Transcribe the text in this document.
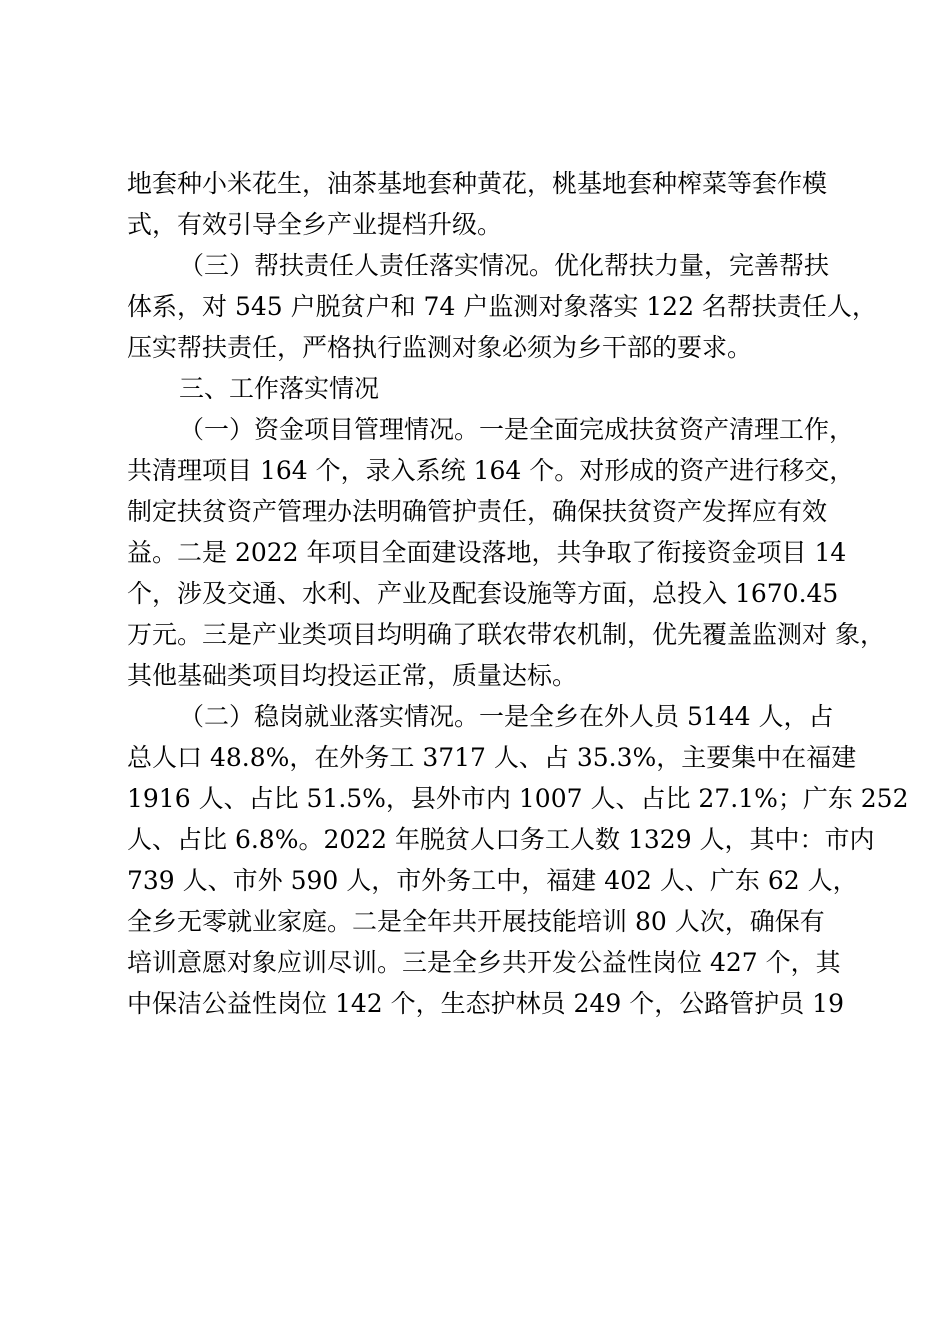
地套种小米花生，油茶基地套种黄花，桃基地套种榨菜等套作模
式，有效引导全乡产业提档升级。
（三）帮扶责任人责任落实情况。优化帮扶力量，完善帮扶
体系，对 545 户脱贫户和 74 户监测对象落实 122 名帮扶责任人，
压实帮扶责任，严格执行监测对象必须为乡干部的要求。
三、工作落实情况
（一）资金项目管理情况。一是全面完成扶贫资产清理工作，
共清理项目 164 个，录入系统 164 个。对形成的资产进行移交，
制定扶贫资产管理办法明确管护责任，确保扶贫资产发挥应有效
益。二是 2022 年项目全面建设落地，共争取了衔接资金项目 14
个，涉及交通、水利、产业及配套设施等方面，总投入 1670.45
万元。三是产业类项目均明确了联农带农机制，优先覆盖监测对 象，
其他基础类项目均投运正常，质量达标。
（二）稳岗就业落实情况。一是全乡在外人员 5144 人，占
总人口 48.8%，在外务工 3717 人、占 35.3%，主要集中在福建
1916 人、占比 51.5%，县外市内 1007 人、占比 27.1%；广东 252
人、占比 6.8%。2022 年脱贫人口务工人数 1329 人，其中：市内
739 人、市外 590 人，市外务工中，福建 402 人、广东 62 人，
全乡无零就业家庭。二是全年共开展技能培训 80 人次，确保有
培训意愿对象应训尽训。三是全乡共开发公益性岗位 427 个，其
中保洁公益性岗位 142 个，生态护林员 249 个，公路管护员 19
